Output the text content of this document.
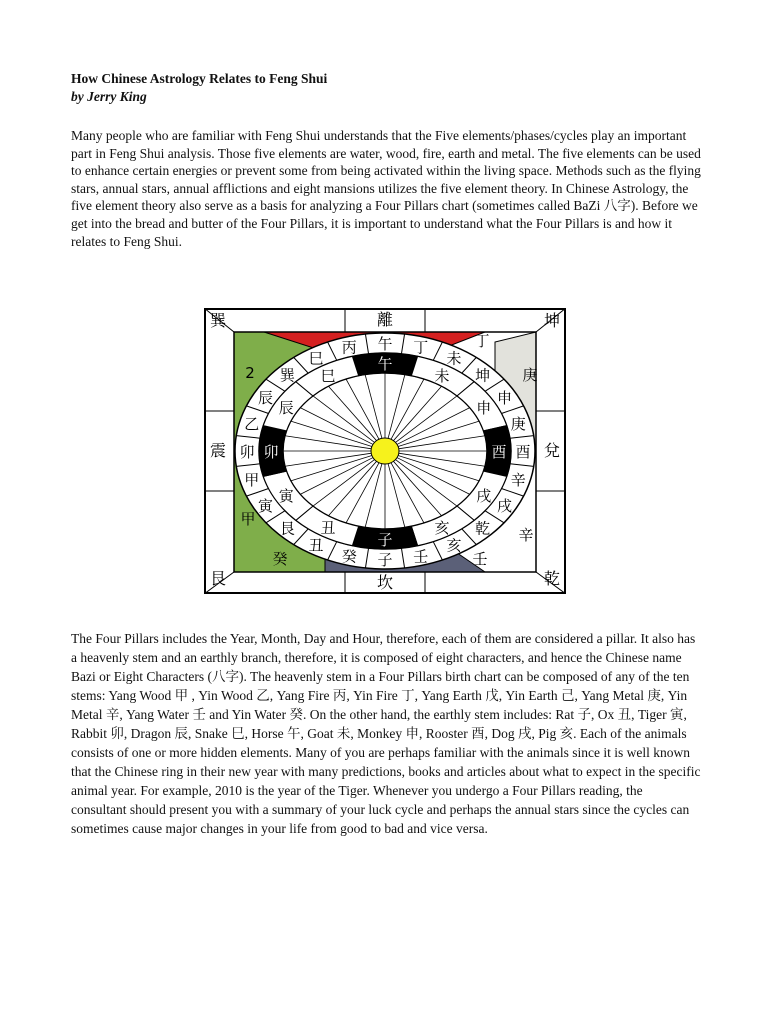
How Chinese Astrology Relates to Feng Shui

by Jerry King

Many people who are familiar with Feng Shui understands that the Five elements/phases/cycles play an important part in Feng Shui analysis. Those five elements are water, wood, fire, earth and metal. The five elements can be used to enhance certain energies or prevent some from being activated within the living space. Methods such as the flying stars, annual stars, annual afflictions and eight mansions utilizes the five element theory. In Chinese Astrology, the five element theory also serve as a basis for analyzing a Four Pillars chart (sometimes called BaZi 八字). Before we get into the bread and butter of the Four Pillars, it is important to understand what the Four Pillars is and how it relates to Feng Shui.

午 丁
未
坤
申
庚
酉
辛
戌
乾
亥
壬
子
癸
丑
艮
寅
甲
卯
乙
辰
巽
巳
丙
午
未
申
酉
戌
亥
子
丑
寅
卯
辰
巳
離
坎
震	兌
巽	坤
艮	乾
2
甲
癸
丁
庚
辛
壬

The Four Pillars includes the Year, Month, Day and Hour, therefore, each of them are considered a pillar. It also has a heavenly stem and an earthly branch, therefore, it is composed of eight characters, and hence the Chinese name Bazi or Eight Characters (八字). The heavenly stem in a Four Pillars birth chart can be composed of any of the ten stems: Yang Wood 甲 , Yin Wood 乙, Yang Fire 丙, Yin Fire 丁, Yang Earth 戊, Yin Earth 己, Yang Metal 庚, Yin Metal 辛, Yang Water 壬 and Yin Water 癸. On the other hand, the earthly stem includes: Rat 子, Ox 丑, Tiger 寅, Rabbit 卯, Dragon 辰, Snake 巳, Horse 午, Goat 未, Monkey 申, Rooster 酉, Dog 戌, Pig 亥. Each of the animals consists of one or more hidden elements. Many of you are perhaps familiar with the animals since it is well known that the Chinese ring in their new year with many predictions, books and articles about what to expect in the specific animal year. For example, 2010 is the year of the Tiger. Whenever you undergo a Four Pillars reading, the consultant should present you with a summary of your luck cycle and perhaps the annual stars since the cycles can sometimes cause major changes in your life from good to bad and vice versa.
